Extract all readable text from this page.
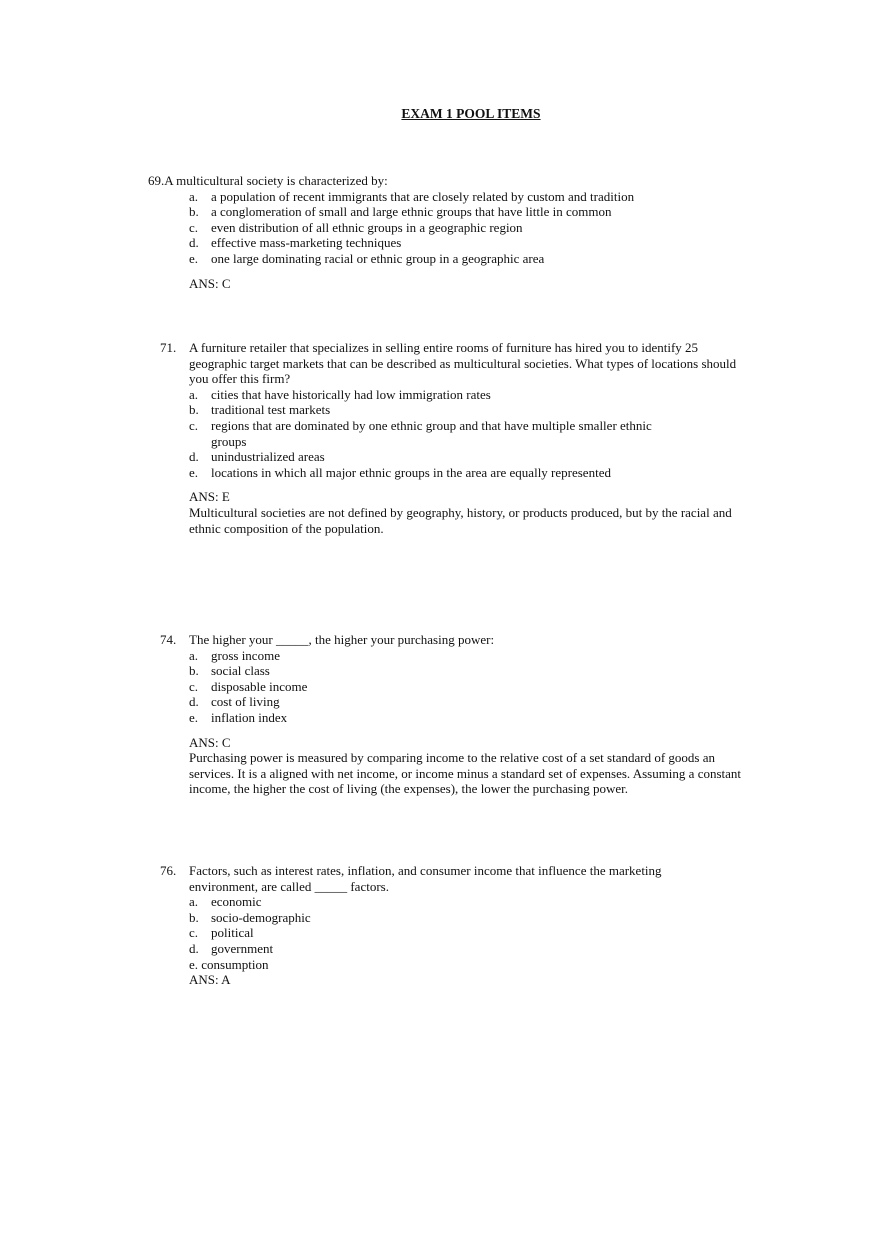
EXAM 1 POOL ITEMS
69.A multicultural society is characterized by:
a. a population of recent immigrants that are closely related by custom and tradition
b. a conglomeration of small and large ethnic groups that have little in common
c. even distribution of all ethnic groups in a geographic region
d. effective mass-marketing techniques
e. one large dominating racial or ethnic group in a geographic area
ANS: C
71. A furniture retailer that specializes in selling entire rooms of furniture has hired you to identify 25 geographic target markets that can be described as multicultural societies. What types of locations should you offer this firm?
a. cities that have historically had low immigration rates
b. traditional test markets
c. regions that are dominated by one ethnic group and that have multiple smaller ethnic groups
d. unindustrialized areas
e. locations in which all major ethnic groups in the area are equally represented
ANS: E
Multicultural societies are not defined by geography, history, or products produced, but by the racial and ethnic composition of the population.
74. The higher your _____, the higher your purchasing power:
a. gross income
b. social class
c. disposable income
d. cost of living
e. inflation index
ANS: C
Purchasing power is measured by comparing income to the relative cost of a set standard of goods an services. It is a aligned with net income, or income minus a standard set of expenses. Assuming a constant income, the higher the cost of living (the expenses), the lower the purchasing power.
76. Factors, such as interest rates, inflation, and consumer income that influence the marketing environment, are called _____ factors.
a. economic
b. socio-demographic
c. political
d. government
e. consumption
ANS: A
